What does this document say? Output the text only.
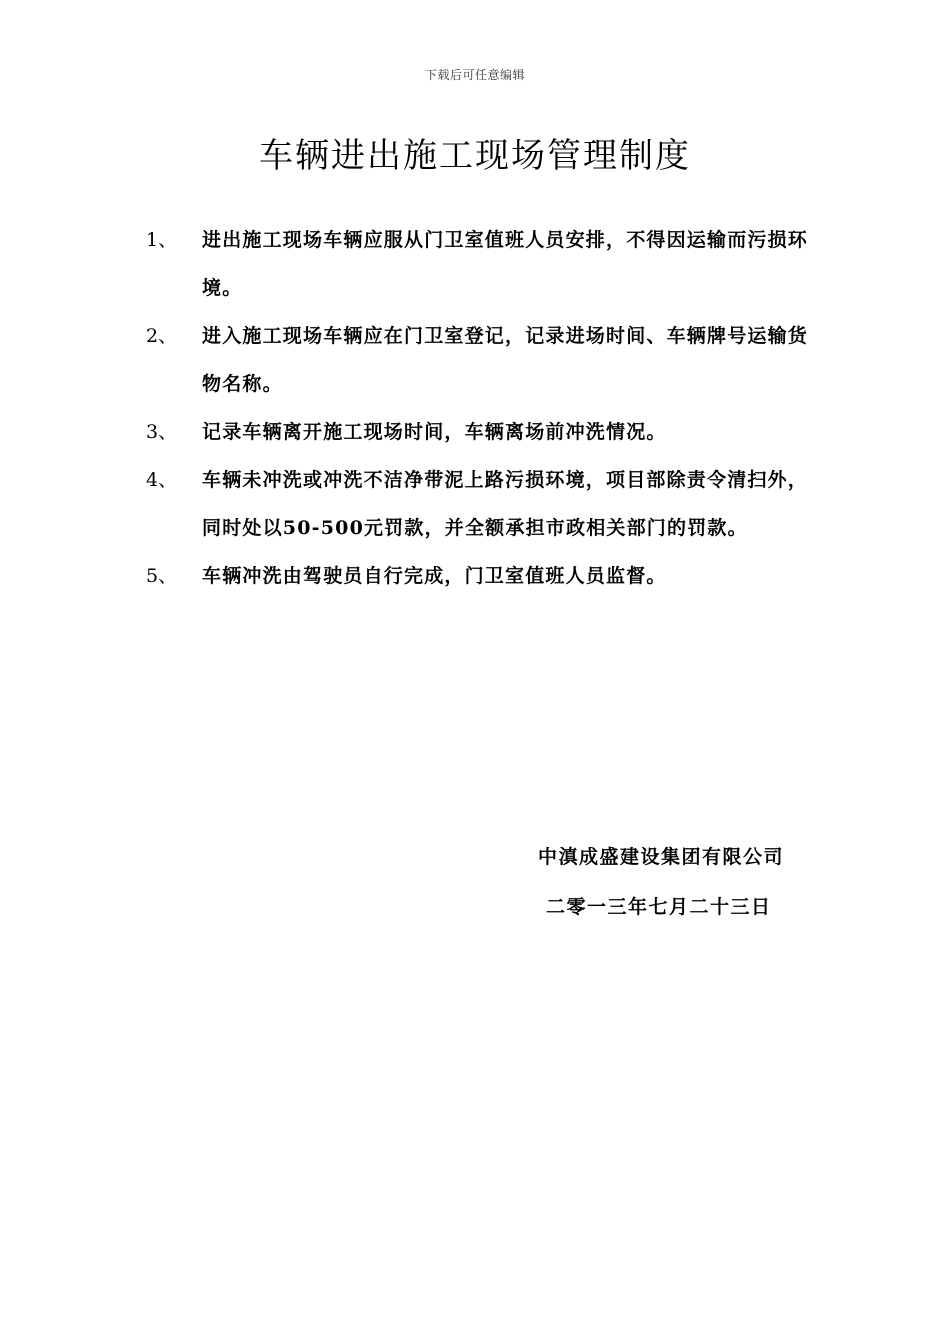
下载后可任意编辑
车辆进出施工现场管理制度
1、 进出施工现场车辆应服从门卫室值班人员安排，不得因运输而污损环境。
2、 进入施工现场车辆应在门卫室登记，记录进场时间、车辆牌号运输货物名称。
3、 记录车辆离开施工现场时间，车辆离场前冲洗情况。
4、 车辆未冲洗或冲洗不洁净带泥上路污损环境，项目部除责令清扫外，同时处以50-500元罚款，并全额承担市政相关部门的罚款。
5、 车辆冲洗由驾驶员自行完成，门卫室值班人员监督。
中滇成盛建设集团有限公司
二零一三年七月二十三日
